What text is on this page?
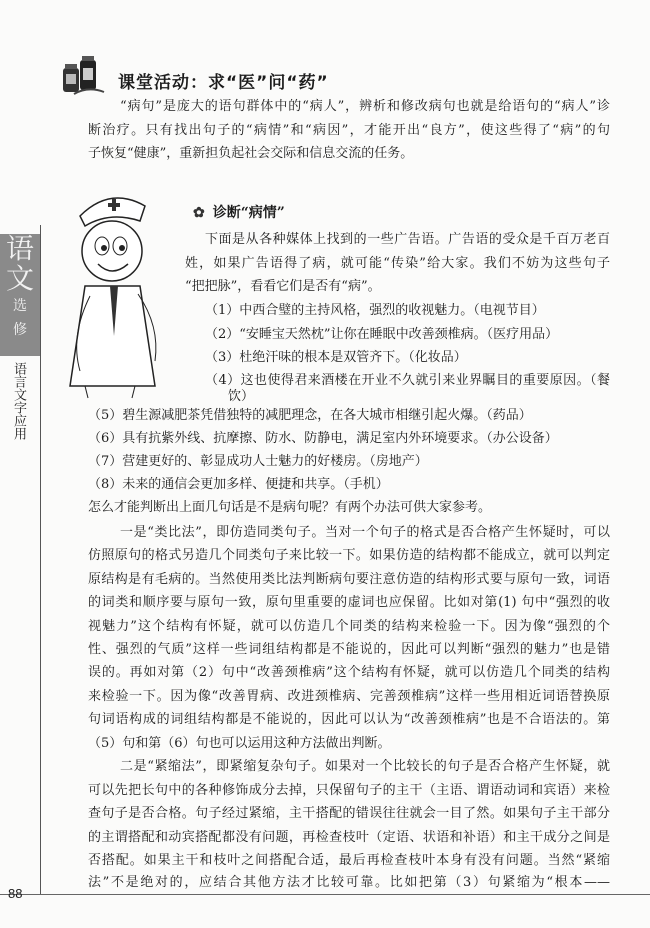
语
文
选
修
语言文字应用
88
课堂活动：求“医”问“药”
“病句”是庞大的语句群体中的“病人”，辨析和修改病句也就是给语句的“病人”诊
断治疗。只有找出句子的“病情”和“病因”，才能开出“良方”，使这些得了“病”的句
子恢复“健康”，重新担负起社会交际和信息交流的任务。
✿ 诊断“病情”
下面是从各种媒体上找到的一些广告语。广告语的受众是千百万老百
姓，如果广告语得了病，就可能“传染”给大家。我们不妨为这些句子
“把把脉”，看看它们是否有“病”。
（1）中西合璧的主持风格，强烈的收视魅力。（电视节目）
（2）“安睡宝天然枕”让你在睡眠中改善颈椎病。（医疗用品）
（3）杜绝汗味的根本是双管齐下。（化妆品）
（4）这也使得君来酒楼在开业不久就引来业界瞩目的重要原因。（餐
饮）
（5）碧生源减肥茶凭借独特的减肥理念，在各大城市相继引起火爆。（药品）
（6）具有抗紫外线、抗摩擦、防水、防静电，满足室内外环境要求。（办公设备）
（7）营建更好的、彰显成功人士魅力的好楼房。（房地产）
（8）未来的通信会更加多样、便捷和共享。（手机）
怎么才能判断出上面几句话是不是病句呢？有两个办法可供大家参考。
一是“类比法”，即仿造同类句子。当对一个句子的格式是否合格产生怀疑时，可以
仿照原句的格式另造几个同类句子来比较一下。如果仿造的结构都不能成立，就可以判定
原结构是有毛病的。当然使用类比法判断病句要注意仿造的结构形式要与原句一致，词语
的词类和顺序要与原句一致，原句里重要的虚词也应保留。比如对第(1) 句中“强烈的收
视魅力”这个结构有怀疑，就可以仿造几个同类的结构来检验一下。因为像“强烈的个
性、强烈的气质”这样一些词组结构都是不能说的，因此可以判断“强烈的魅力”也是错
误的。再如对第（2）句中“改善颈椎病”这个结构有怀疑，就可以仿造几个同类的结构
来检验一下。因为像“改善胃病、改进颈椎病、完善颈椎病”这样一些用相近词语替换原
句词语构成的词组结构都是不能说的，因此可以认为“改善颈椎病”也是不合语法的。第
（5）句和第（6）句也可以运用这种方法做出判断。
二是“紧缩法”，即紧缩复杂句子。如果对一个比较长的句子是否合格产生怀疑，就
可以先把长句中的各种修饰成分去掉，只保留句子的主干（主语、谓语动词和宾语）来检
查句子是否合格。句子经过紧缩，主干搭配的错误往往就会一目了然。如果句子主干部分
的主谓搭配和动宾搭配都没有问题，再检查枝叶（定语、状语和补语）和主干成分之间是
否搭配。如果主干和枝叶之间搭配合适，最后再检查枝叶本身有没有问题。当然“紧缩
法”不是绝对的，应结合其他方法才比较可靠。比如把第（3）句紧缩为“根本——
